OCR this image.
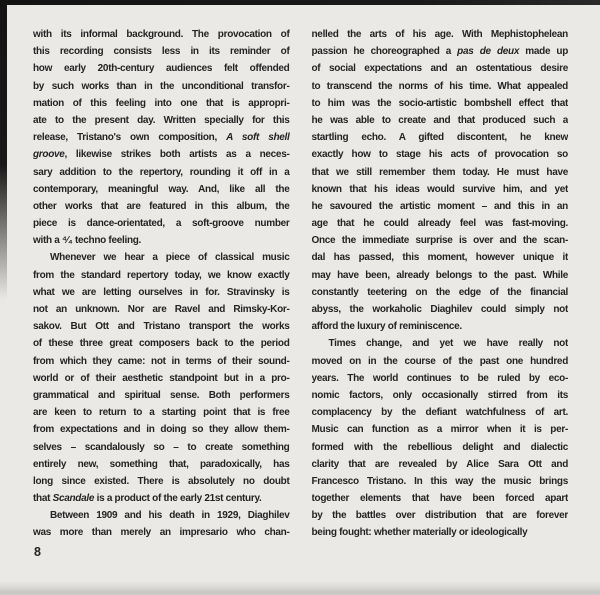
with its informal background. The provocation of
this recording consists less in its reminder of
how early 20th-century audiences felt offended
by such works than in the unconditional transfor-
mation of this feeling into one that is appropri-
ate to the present day. Written specially for this
release, Tristano's own composition, A soft shell
groove, likewise strikes both artists as a neces-
sary addition to the repertory, rounding it off in a
contemporary, meaningful way. And, like all the
other works that are featured in this album, the
piece is dance-orientated, a soft-groove number
with a ⁴⁄₄ techno feeling.
Whenever we hear a piece of classical music
from the standard repertory today, we know exactly
what we are letting ourselves in for. Stravinsky is
not an unknown. Nor are Ravel and Rimsky-Kor-
sakov. But Ott and Tristano transport the works
of these three great composers back to the period
from which they came: not in terms of their sound-
world or of their aesthetic standpoint but in a pro-
grammatical and spiritual sense. Both performers
are keen to return to a starting point that is free
from expectations and in doing so they allow them-
selves – scandalously so – to create something
entirely new, something that, paradoxically, has
long since existed. There is absolutely no doubt
that Scandale is a product of the early 21st century.
Between 1909 and his death in 1929, Diaghilev
was more than merely an impresario who chan-
nelled the arts of his age. With Mephistophelean
passion he choreographed a pas de deux made up
of social expectations and an ostentatious desire
to transcend the norms of his time. What appealed
to him was the socio-artistic bombshell effect that
he was able to create and that produced such a
startling echo. A gifted discontent, he knew
exactly how to stage his acts of provocation so
that we still remember them today. He must have
known that his ideas would survive him, and yet
he savoured the artistic moment – and this in an
age that he could already feel was fast-moving.
Once the immediate surprise is over and the scan-
dal has passed, this moment, however unique it
may have been, already belongs to the past. While
constantly teetering on the edge of the financial
abyss, the workaholic Diaghilev could simply not
afford the luxury of reminiscence.
Times change, and yet we have really not
moved on in the course of the past one hundred
years. The world continues to be ruled by eco-
nomic factors, only occasionally stirred from its
complacency by the defiant watchfulness of art.
Music can function as a mirror when it is per-
formed with the rebellious delight and dialectic
clarity that are revealed by Alice Sara Ott and
Francesco Tristano. In this way the music brings
together elements that have been forced apart
by the battles over distribution that are forever
being fought: whether materially or ideologically
8
